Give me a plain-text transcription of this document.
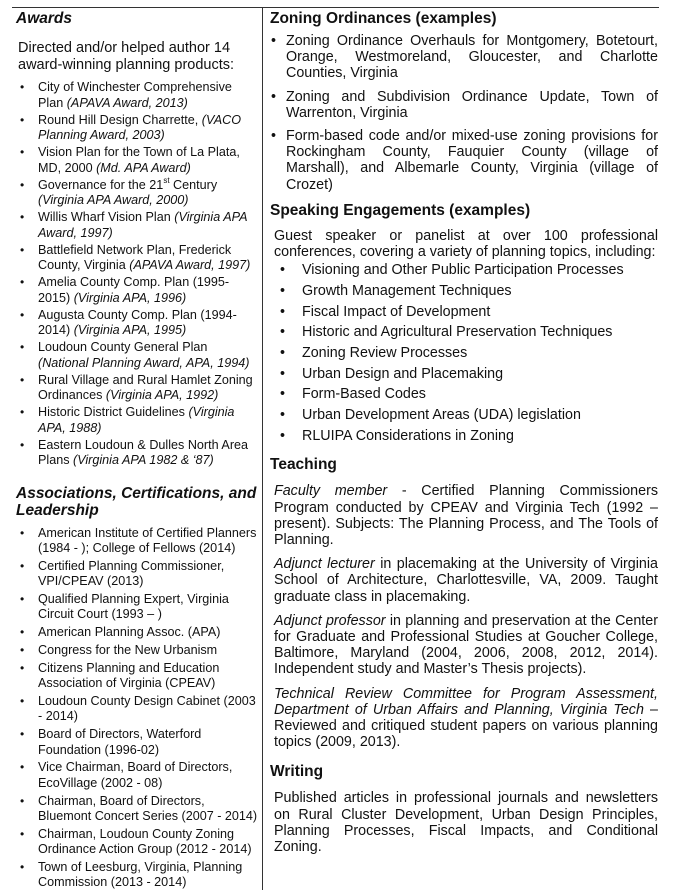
Awards

Directed and/or helped author 14 award-winning planning products:

• City of Winchester Comprehensive Plan (APAVA Award, 2013)
• Round Hill Design Charrette, (VACO Planning Award, 2003)
• Vision Plan for the Town of La Plata, MD, 2000 (Md. APA Award)
• Governance for the 21st Century (Virginia APA Award, 2000)
• Willis Wharf Vision Plan (Virginia APA Award, 1997)
• Battlefield Network Plan, Frederick County, Virginia (APAVA Award, 1997)
• Amelia County Comp. Plan (1995-2015) (Virginia APA, 1996)
• Augusta County Comp. Plan (1994-2014) (Virginia APA, 1995)
• Loudoun County General Plan (National Planning Award, APA, 1994)
• Rural Village and Rural Hamlet Zoning Ordinances (Virginia APA, 1992)
• Historic District Guidelines (Virginia APA, 1988)
• Eastern Loudoun & Dulles North Area Plans (Virginia APA 1982 & ‘87)
Associations, Certifications, and Leadership
• American Institute of Certified Planners (1984 - ); College of Fellows (2014)
• Certified Planning Commissioner, VPI/CPEAV (2013)
• Qualified Planning Expert, Virginia Circuit Court (1993 – )
• American Planning Assoc. (APA)
• Congress for the New Urbanism
• Citizens Planning and Education Association of Virginia (CPEAV)
• Loudoun County Design Cabinet (2003 - 2014)
• Board of Directors, Waterford Foundation (1996-02)
• Vice Chairman, Board of Directors, EcoVillage (2002 - 08)
• Chairman, Board of Directors, Bluemont Concert Series (2007 - 2014)
• Chairman, Loudoun County Zoning Ordinance Action Group (2012 - 2014)
• Town of Leesburg, Virginia, Planning Commission (2013 - 2014)
Zoning Ordinances (examples)
• Zoning Ordinance Overhauls for Montgomery, Botetourt, Orange, Westmoreland, Gloucester, and Charlotte Counties, Virginia
• Zoning and Subdivision Ordinance Update, Town of Warrenton, Virginia
• Form-based code and/or mixed-use zoning provisions for Rockingham County, Fauquier County (village of Marshall), and Albemarle County, Virginia (village of Crozet)
Speaking Engagements (examples)

Guest speaker or panelist at over 100 professional conferences, covering a variety of planning topics, including:

• Visioning and Other Public Participation Processes
• Growth Management Techniques
• Fiscal Impact of Development
• Historic and Agricultural Preservation Techniques
• Zoning Review Processes
• Urban Design and Placemaking
• Form-Based Codes
• Urban Development Areas (UDA) legislation
• RLUIPA Considerations in Zoning
Teaching

Faculty member - Certified Planning Commissioners Program conducted by CPEAV and Virginia Tech (1992 – present). Subjects: The Planning Process, and The Tools of Planning.

Adjunct lecturer in placemaking at the University of Virginia School of Architecture, Charlottesville, VA, 2009. Taught graduate class in placemaking.

Adjunct professor in planning and preservation at the Center for Graduate and Professional Studies at Goucher College, Baltimore, Maryland (2004, 2006, 2008, 2012, 2014). Independent study and Master’s Thesis projects).

Technical Review Committee for Program Assessment, Department of Urban Affairs and Planning, Virginia Tech – Reviewed and critiqued student papers on various planning topics (2009, 2013).

Writing

Published articles in professional journals and newsletters on Rural Cluster Development, Urban Design Principles, Planning Processes, Fiscal Impacts, and Conditional Zoning.
